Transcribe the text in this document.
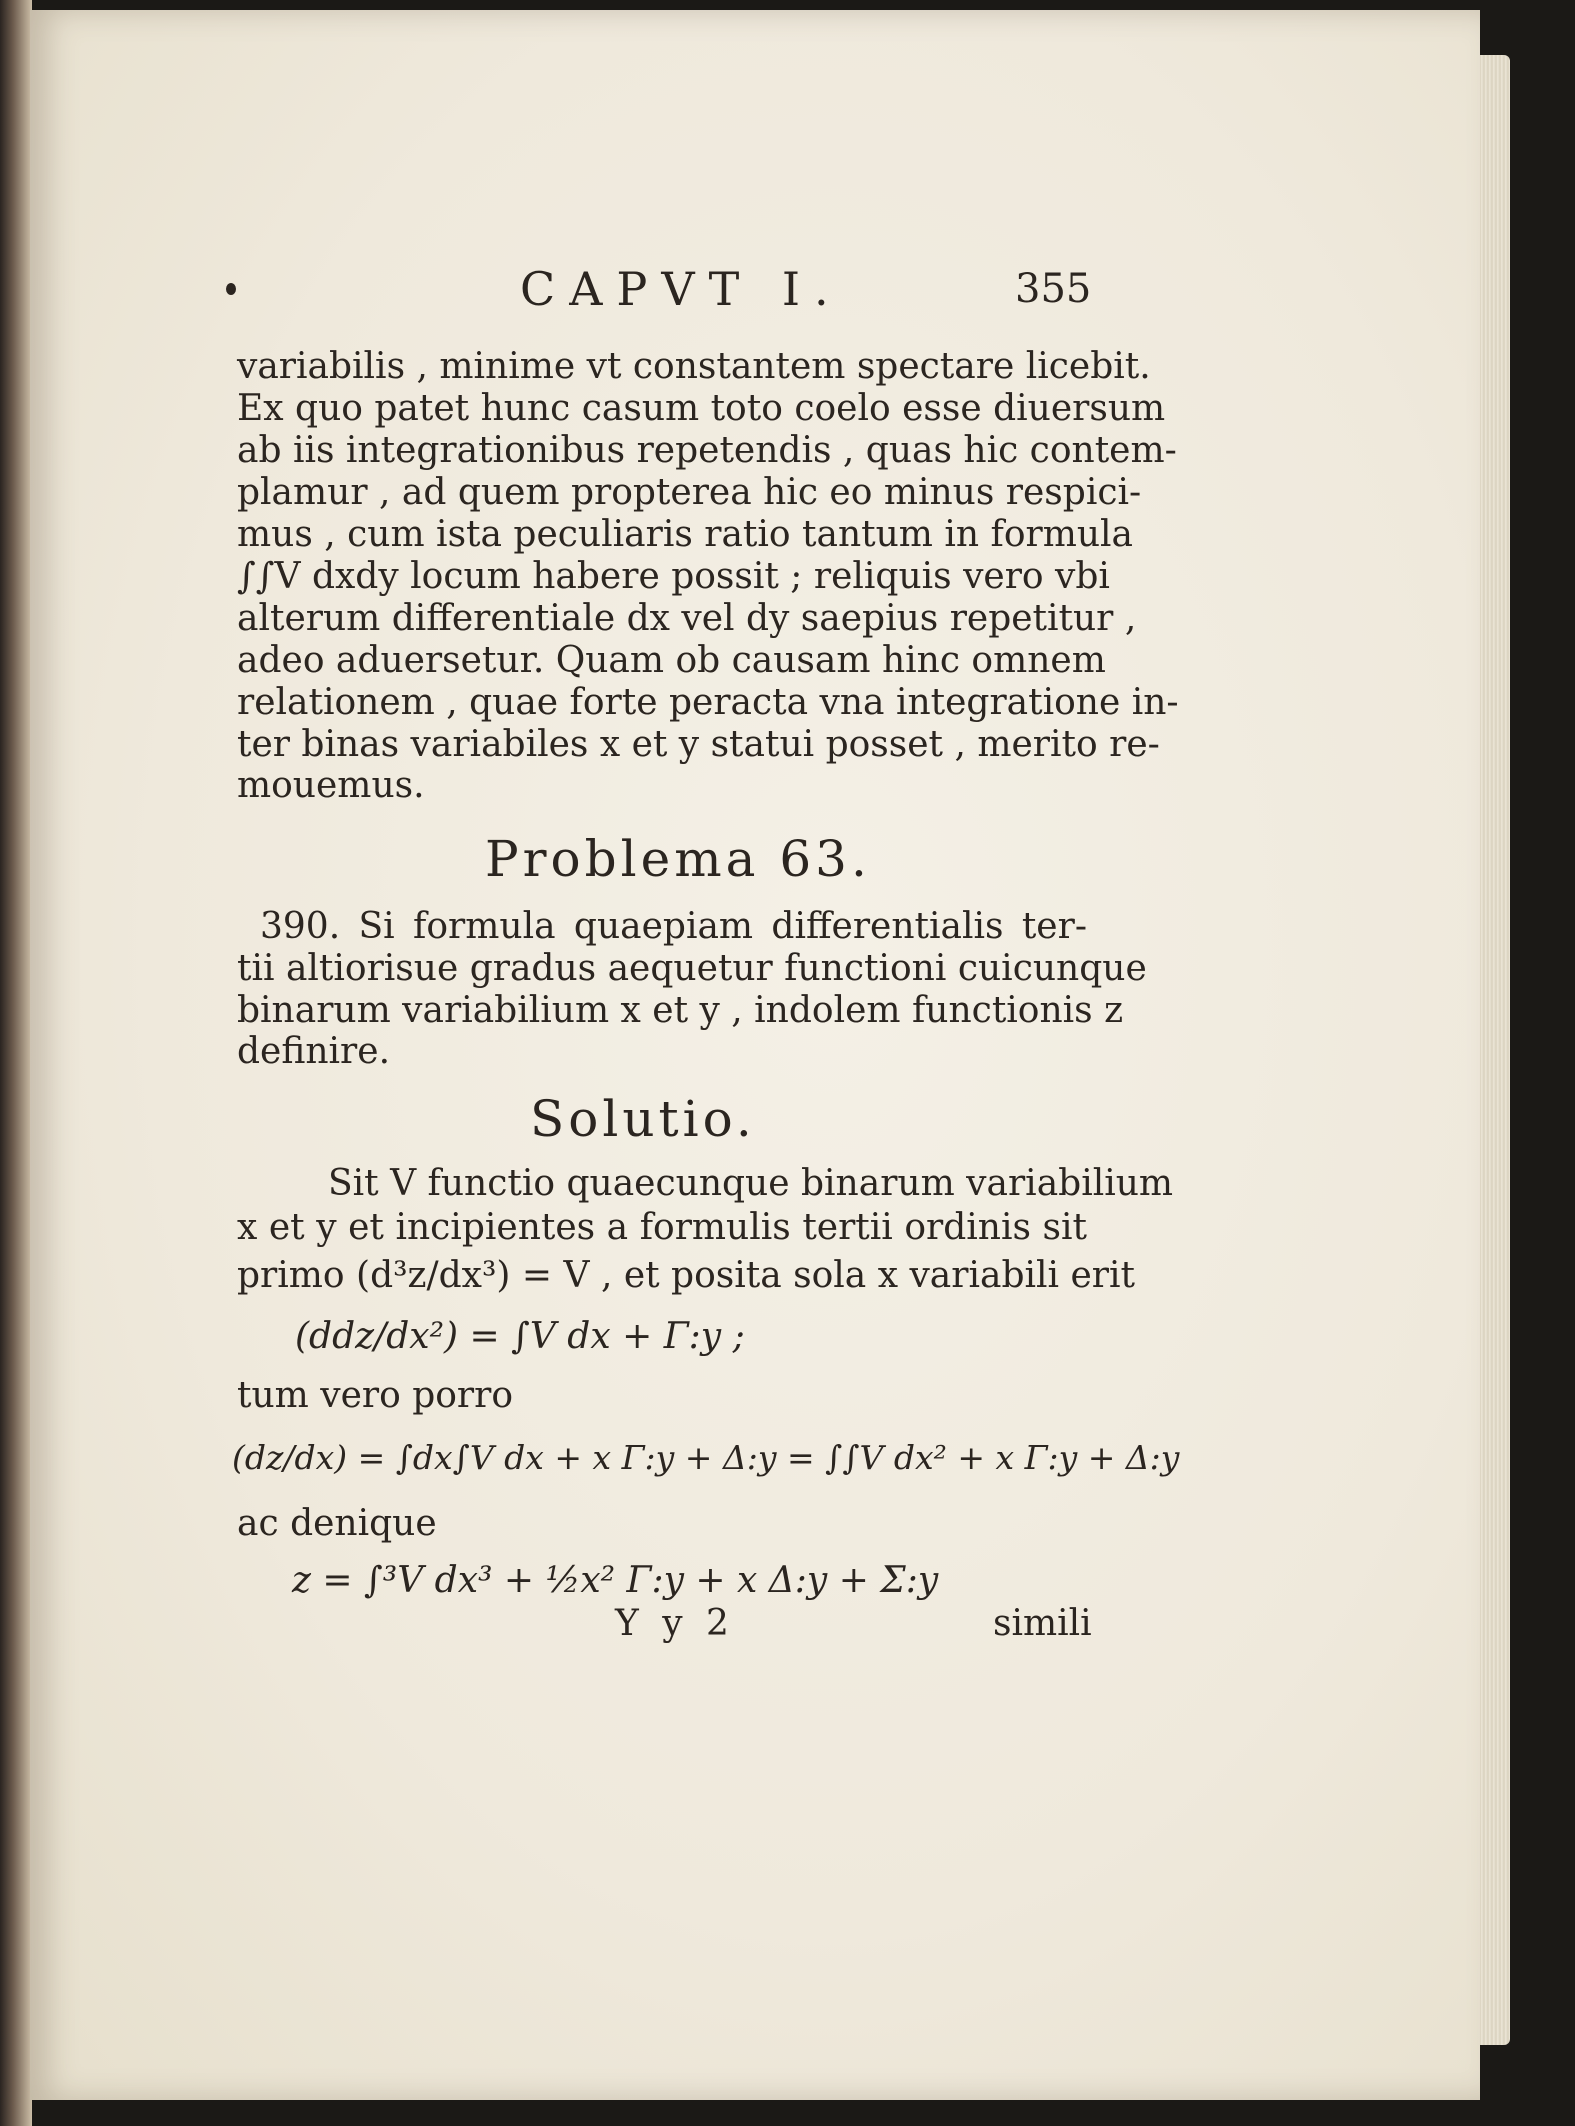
CAPVT I.	355
variabilis , minime vt constantem spectare licebit.
Ex quo patet hunc casum toto coelo esse diuersum
ab iis integrationibus repetendis , quas hic contem-
plamur , ad quem propterea hic eo minus respici-
mus , cum ista peculiaris ratio tantum in formula
∫∫V dxdy locum habere possit ; reliquis vero vbi
alterum differentiale dx vel dy saepius repetitur ,
adeo aduersetur. Quam ob causam hinc omnem
relationem , quae forte peracta vna integratione in-
ter binas variabiles x et y statui posset , merito re-
mouemus.
Problema 63.
390. Si formula quaepiam differentialis ter-
tii altiorisue gradus aequetur functioni cuicunque
binarum variabilium x et y , indolem functionis z
definire.
Solutio.
Sit V functio quaecunque binarum variabilium
x et y et incipientes a formulis tertii ordinis sit
primo (d³z/dx³) = V , et posita sola x variabili erit
(ddz/dx²) = ∫V dx + Γ:y ;
tum vero porro
(dz/dx) = ∫dx∫V dx + x Γ:y + Δ:y = ∫∫V dx² + x Γ:y + Δ:y
ac denique
z = ∫³V dx³ + ½x² Γ:y + x Δ:y + Σ:y
Y y 2	simili
